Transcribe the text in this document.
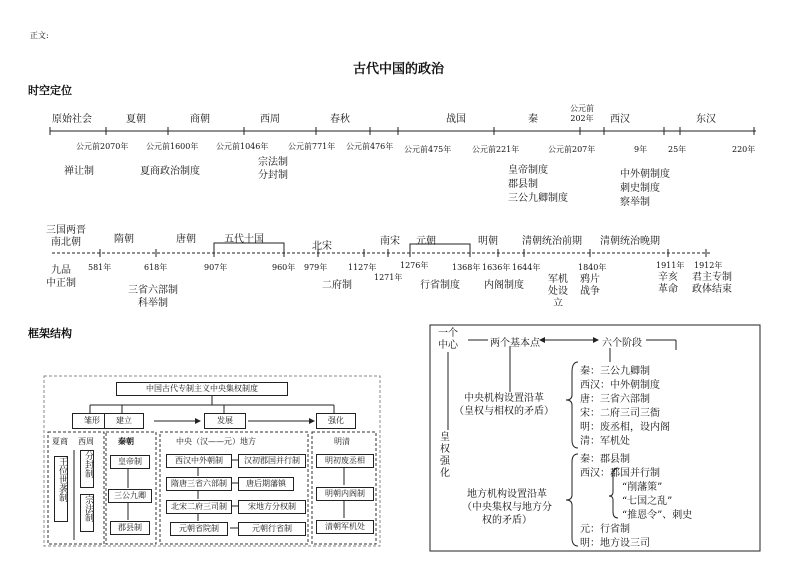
正文:
古代中国的政治
时空定位
框架结构
原始社会	夏朝	商朝	西周	春秋	战国	秦
公元前
202年 西汉	东汉
公元前2070年 公元前1600年 公元前1046年 公元前771年 公元前476年 公元前475年	公元前221年	公元前207年	9年	25年	220年
禅让制	夏商政治制度
宗法制
分封制	皇帝制度
郡县制
三公九卿制度
中外朝制度
刺史制度
察举制
三国两晋
南北朝	隋朝	唐朝	五代十国
北宋	南宋 元朝	明朝 清朝统治前期 清朝统治晚期
581年	618年	907年	960年 979年	1127年	1276年
1271年
1368年 1636年 1644年	1840年	1911年 1912年
九品
中正制
三省六部制
科举制
二府制	行省制度 内阁制度
军机
处设
立
鸦片
战争
辛亥
革命
君主专制
政体结束
中国古代专制主义中央集权制度
雏形	建立	发展	强化
夏商 西周
王位世袭制	分封制
宗法制
秦朝
皇帝制
三公九卿
郡县制
中央（汉——元）地方
西汉中外朝制
隋唐三省六部制
北宋二府三司制
元朝省院制
汉初郡国并行制
唐后期藩镇
宋地方分权制
元朝行省制
明清
明初废丞相
明朝内阁制
清朝军机处
一个
中心	两个基本点	六个阶段
皇
权
强
化
中央机构设置沿革
（皇权与相权的矛盾）
地方机构设置沿革
（中央集权与地方分
权的矛盾）
秦：三公九卿制
西汉：中外朝制度
唐：三省六部制
宋：二府三司三衙
明：废丞相，设内阁
清：军机处
秦：郡县制
西汉：郡国并行制
“削藩策”
“七国之乱”
“推恩令”、刺史
元：行省制
明：地方设三司
